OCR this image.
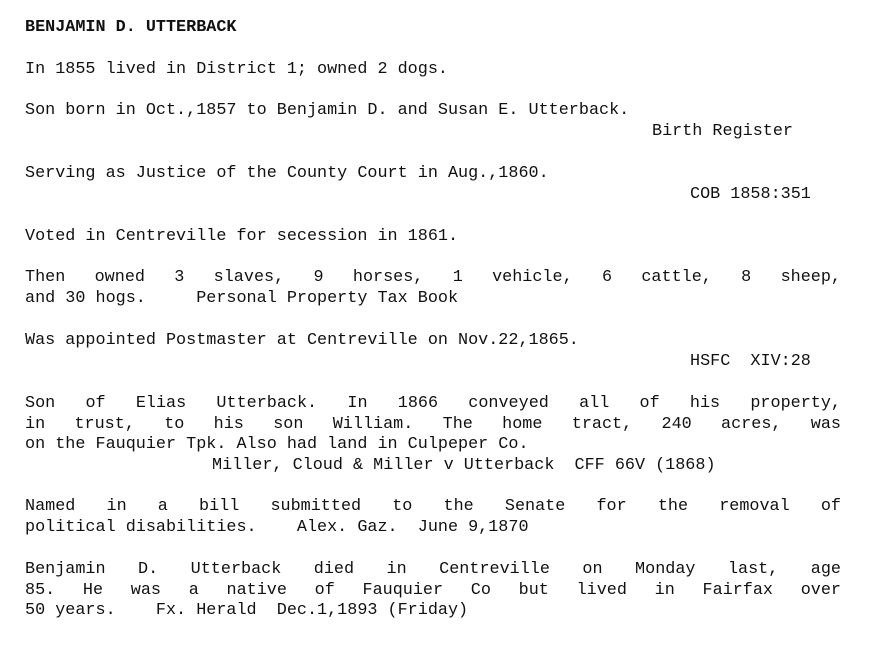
BENJAMIN D. UTTERBACK
In 1855 lived in District 1; owned 2 dogs.
Son born in Oct.,1857 to Benjamin D. and Susan E. Utterback.
Birth Register
Serving as Justice of the County Court in Aug.,1860.
COB 1858:351
Voted in Centreville for secession in 1861.
Then owned 3 slaves, 9 horses, 1 vehicle, 6 cattle, 8 sheep,
and 30 hogs.     Personal Property Tax Book
Was appointed Postmaster at Centreville on Nov.22,1865.
HSFC  XIV:28
Son of Elias Utterback. In 1866 conveyed all of his property,
in trust, to his son William. The home tract, 240 acres, was
on the Fauquier Tpk. Also had land in Culpeper Co.
Miller, Cloud & Miller v Utterback  CFF 66V (1868)
Named in a bill submitted to the Senate for the removal of
political disabilities.    Alex. Gaz.  June 9,1870
Benjamin D. Utterback died in Centreville on Monday last, age
85. He was a native of Fauquier Co but lived in Fairfax over
50 years.    Fx. Herald  Dec.1,1893 (Friday)
